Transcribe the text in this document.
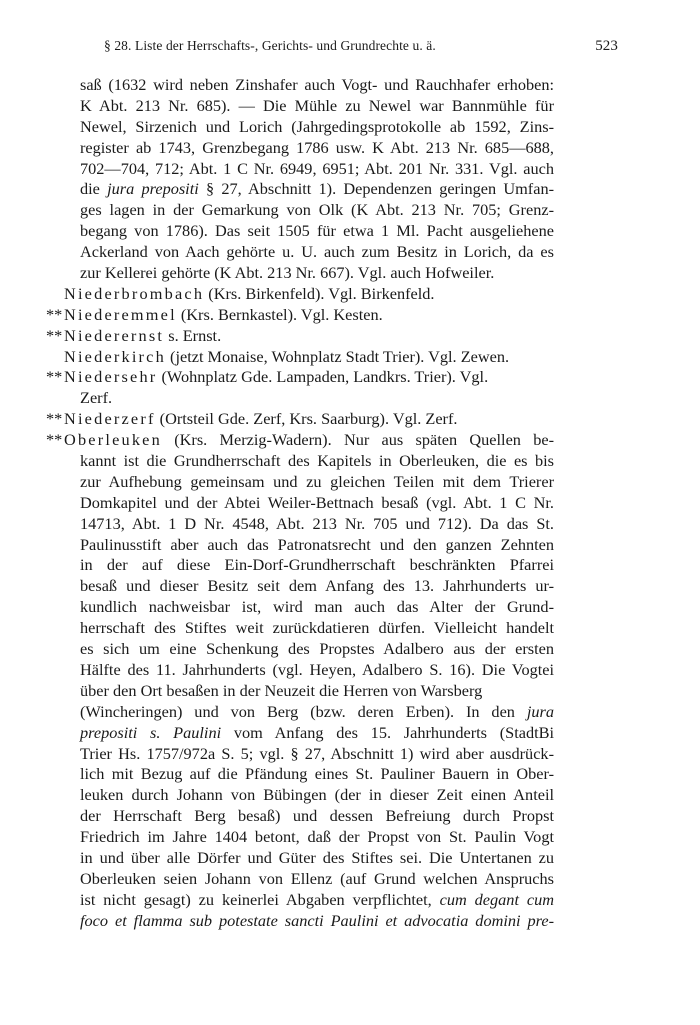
§ 28. Liste der Herrschafts-, Gerichts- und Grundrechte u. ä.	523
saß (1632 wird neben Zinshafer auch Vogt- und Rauchhafer erhoben:
K Abt. 213 Nr. 685). — Die Mühle zu Newel war Bannmühle für
Newel, Sirzenich und Lorich (Jahrgedingsprotokolle ab 1592, Zins-
register ab 1743, Grenzbegang 1786 usw. K Abt. 213 Nr. 685—688,
702—704, 712; Abt. 1 C Nr. 6949, 6951; Abt. 201 Nr. 331. Vgl. auch
die jura prepositi § 27, Abschnitt 1). Dependenzen geringen Umfan-
ges lagen in der Gemarkung von Olk (K Abt. 213 Nr. 705; Grenz-
begang von 1786). Das seit 1505 für etwa 1 Ml. Pacht ausgeliehene
Ackerland von Aach gehörte u. U. auch zum Besitz in Lorich, da es
zur Kellerei gehörte (K Abt. 213 Nr. 667). Vgl. auch Hofweiler.
Niederbrombach (Krs. Birkenfeld). Vgl. Birkenfeld.
** Niederemmel (Krs. Bernkastel). Vgl. Kesten.
** Niederernst s. Ernst.
Niederkirch (jetzt Monaise, Wohnplatz Stadt Trier). Vgl. Zewen.
** Niedersehr (Wohnplatz Gde. Lampaden, Landkrs. Trier). Vgl.
Zerf.
** Niederzerf (Ortsteil Gde. Zerf, Krs. Saarburg). Vgl. Zerf.
** Oberleuken (Krs. Merzig-Wadern). Nur aus späten Quellen be-
kannt ist die Grundherrschaft des Kapitels in Oberleuken, die es bis
zur Aufhebung gemeinsam und zu gleichen Teilen mit dem Trierer
Domkapitel und der Abtei Weiler-Bettnach besaß (vgl. Abt. 1 C Nr.
14713, Abt. 1 D Nr. 4548, Abt. 213 Nr. 705 und 712). Da das St.
Paulinusstift aber auch das Patronatsrecht und den ganzen Zehnten
in der auf diese Ein-Dorf-Grundherrschaft beschränkten Pfarrei
besaß und dieser Besitz seit dem Anfang des 13. Jahrhunderts ur-
kundlich nachweisbar ist, wird man auch das Alter der Grund-
herrschaft des Stiftes weit zurückdatieren dürfen. Vielleicht handelt
es sich um eine Schenkung des Propstes Adalbero aus der ersten
Hälfte des 11. Jahrhunderts (vgl. Heyen, Adalbero S. 16). Die Vogtei
über den Ort besaßen in der Neuzeit die Herren von Warsberg
(Wincheringen) und von Berg (bzw. deren Erben). In den jura
prepositi s. Paulini vom Anfang des 15. Jahrhunderts (StadtBi
Trier Hs. 1757/972a S. 5; vgl. § 27, Abschnitt 1) wird aber ausdrück-
lich mit Bezug auf die Pfändung eines St. Pauliner Bauern in Ober-
leuken durch Johann von Bübingen (der in dieser Zeit einen Anteil
der Herrschaft Berg besaß) und dessen Befreiung durch Propst
Friedrich im Jahre 1404 betont, daß der Propst von St. Paulin Vogt
in und über alle Dörfer und Güter des Stiftes sei. Die Untertanen zu
Oberleuken seien Johann von Ellenz (auf Grund welchen Anspruchs
ist nicht gesagt) zu keinerlei Abgaben verpflichtet, cum degant cum
foco et flamma sub potestate sancti Paulini et advocatia domini pre-
